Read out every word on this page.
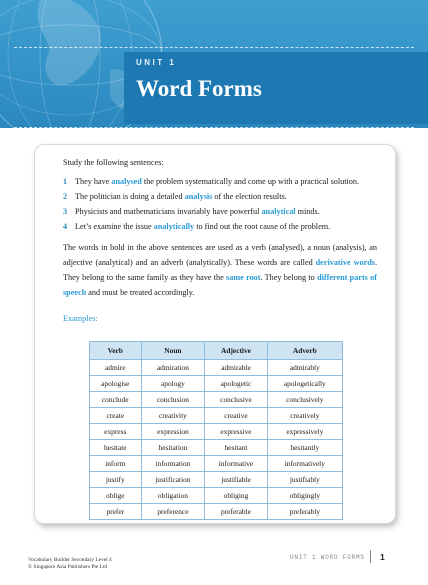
UNIT 1
Word Forms
Study the following sentences:
1 They have analysed the problem systematically and come up with a practical solution.
2 The politician is doing a detailed analysis of the election results.
3 Physicists and mathematicians invariably have powerful analytical minds.
4 Let’s examine the issue analytically to find out the root cause of the problem.
The words in bold in the above sentences are used as a verb (analysed), a noun (analysis), an adjective (analytical) and an adverb (analytically). These words are called derivative words. They belong to the same family as they have the same root. They belong to different parts of speech and must be treated accordingly.
Examples:
Verb	Noun	Adjective	Adverb
admire	admiration	admirable	admirably
apologise	apology	apologetic	apologetically
conclude	conclusion	conclusive	conclusively
create	creativity	creative	creatively
express	expression	expressive	expressively
hesitate	hesitation	hesitant	hesitantly
inform	information	informative	informatively
justify	justification	justifiable	justifiably
oblige	obligation	obliging	obligingly
prefer	preference	preferable	preferably
Vocabulary Builder Secondary Level 4
© Singapore Asia Publishers Pte Ltd
UNIT 1 WORD FORMS 1
